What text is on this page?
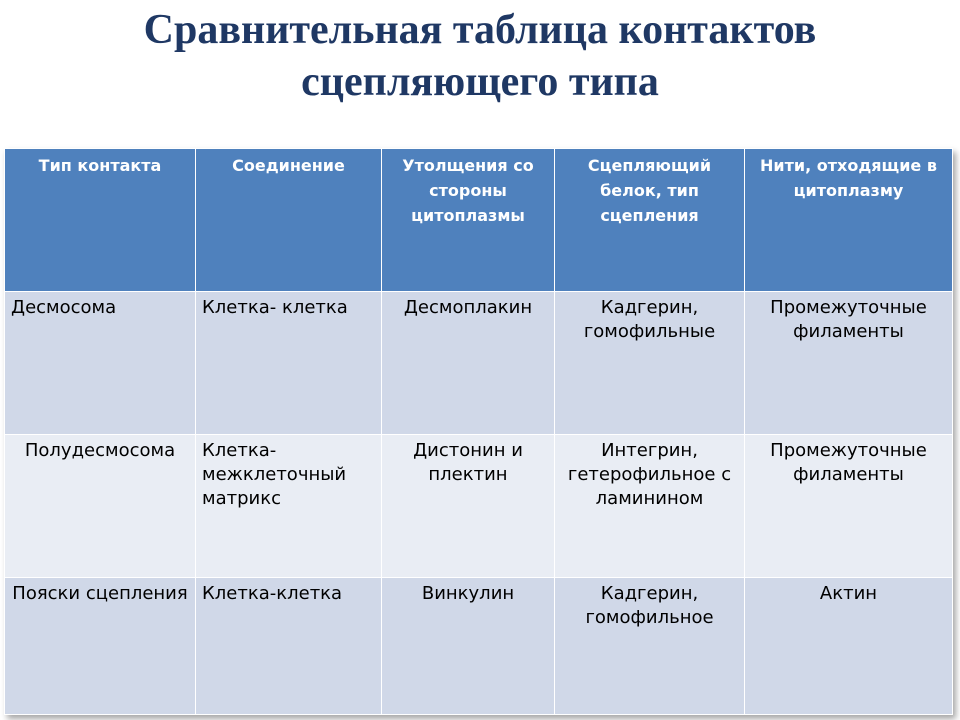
Сравнительная таблица контактов
сцепляющего типа
Тип контакта	Соединение	Утолщения со стороны цитоплазмы	Сцепляющий белок, тип сцепления	Нити, отходящие в цитоплазму
Десмосома	Клетка- клетка	Десмоплакин	Кадгерин, гомофильные	Промежуточные филаменты
Полудесмосома	Клетка- межклеточный матрикс	Дистонин и плектин	Интегрин, гетерофильное с ламинином	Промежуточные филаменты
Пояски сцепления	Клетка-клетка	Винкулин	Кадгерин, гомофильное	Актин
